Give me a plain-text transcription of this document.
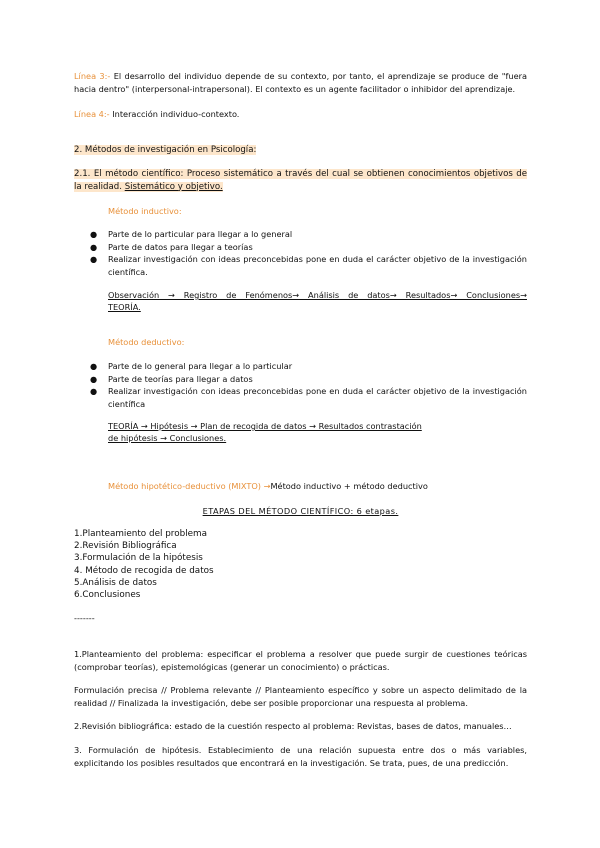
Línea 3:- El desarrollo del individuo depende de su contexto, por tanto, el aprendizaje se produce de "fuera hacia dentro" (interpersonal-intrapersonal). El contexto es un agente facilitador o inhibidor del aprendizaje.
Línea 4:- Interacción individuo-contexto.
2. Métodos de investigación en Psicología:
2.1. El método científico: Proceso sistemático a través del cual se obtienen conocimientos objetivos de la realidad. Sistemático y objetivo.
Método inductivo:
● Parte de lo particular para llegar a lo general
● Parte de datos para llegar a teorías
● Realizar investigación con ideas preconcebidas pone en duda el carácter objetivo de la investigación científica.
Observación → Registro de Fenómenos→ Análisis de datos→ Resultados→ Conclusiones→
TEORÍA.
Método deductivo:
● Parte de lo general para llegar a lo particular
● Parte de teorías para llegar a datos
● Realizar investigación con ideas preconcebidas pone en duda el carácter objetivo de la investigación científica
TEORÍA → Hipótesis → Plan de recogida de datos → Resultados contrastación
de hipótesis → Conclusiones.
Método hipotético-deductivo (MIXTO) →Método inductivo + método deductivo
ETAPAS DEL MÉTODO CIENTÍFICO: 6 etapas.
1.Planteamiento del problema
2.Revisión Bibliográfica
3.Formulación de la hipótesis
4. Método de recogida de datos
5.Análisis de datos
6.Conclusiones
-------
1.Planteamiento del problema: especificar el problema a resolver que puede surgir de cuestiones teóricas (comprobar teorías), epistemológicas (generar un conocimiento) o prácticas.
Formulación precisa // Problema relevante // Planteamiento específico y sobre un aspecto delimitado de la realidad // Finalizada la investigación, debe ser posible proporcionar una respuesta al problema.
2.Revisión bibliográfica: estado de la cuestión respecto al problema: Revistas, bases de datos, manuales…
3. Formulación de hipótesis. Establecimiento de una relación supuesta entre dos o más variables, explicitando los posibles resultados que encontrará en la investigación. Se trata, pues, de una predicción.
